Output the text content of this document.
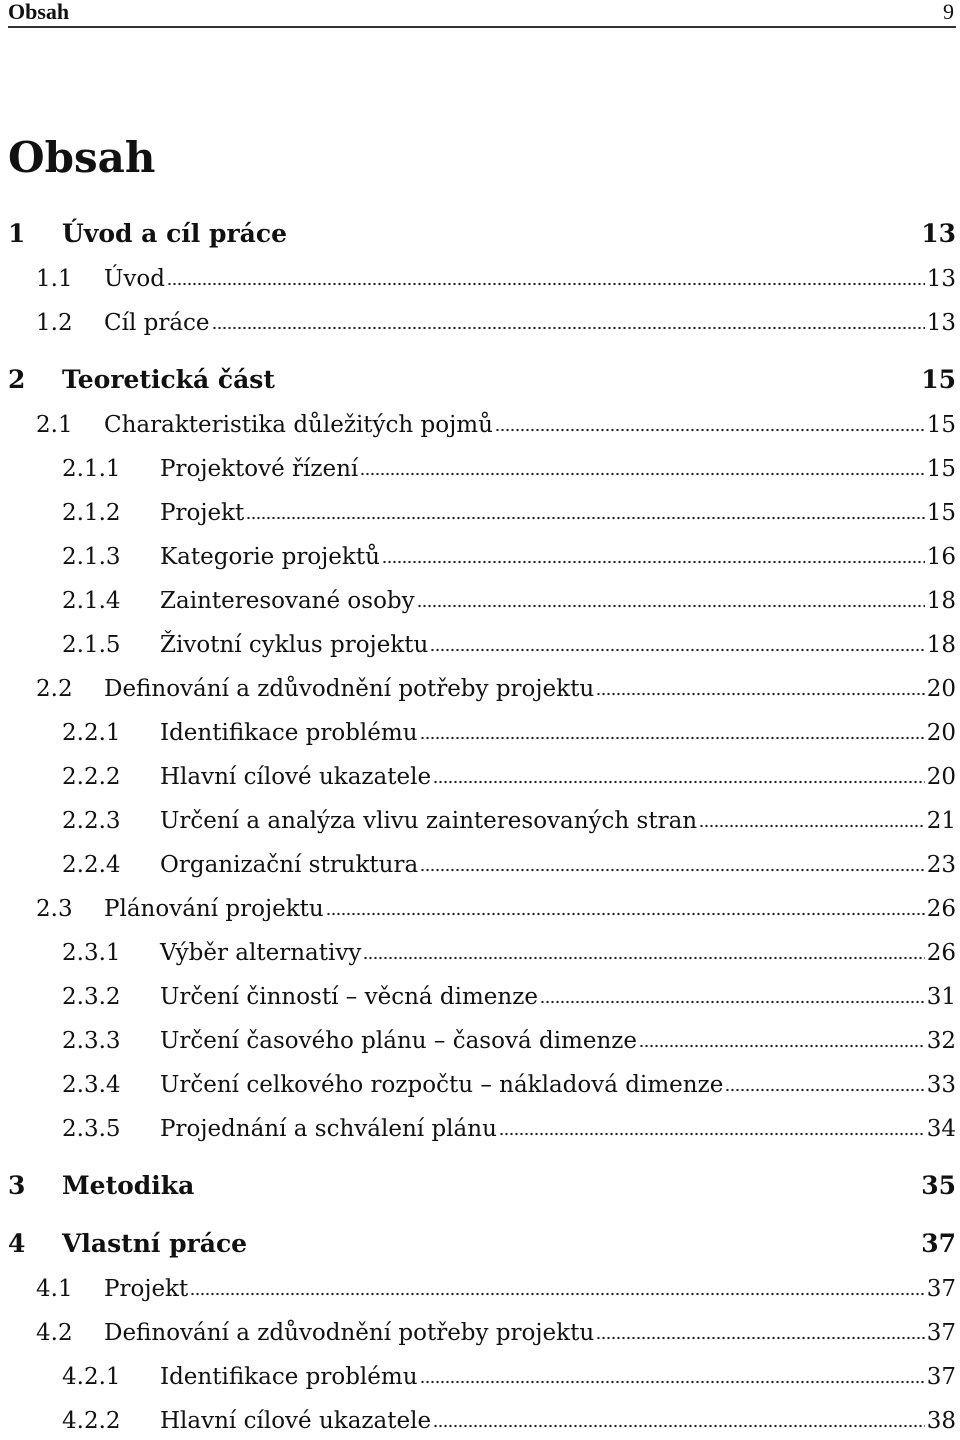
Obsah	9
Obsah
1	Úvod a cíl práce	13
1.1	Úvod	13
1.2	Cíl práce	13
2	Teoretická část	15
2.1	Charakteristika důležitých pojmů	15
2.1.1	Projektové řízení	15
2.1.2	Projekt	15
2.1.3	Kategorie projektů	16
2.1.4	Zainteresované osoby	18
2.1.5	Životní cyklus projektu	18
2.2	Definování a zdůvodnění potřeby projektu	20
2.2.1	Identifikace problému	20
2.2.2	Hlavní cílové ukazatele	20
2.2.3	Určení a analýza vlivu zainteresovaných stran	21
2.2.4	Organizační struktura	23
2.3	Plánování projektu	26
2.3.1	Výběr alternativy	26
2.3.2	Určení činností – věcná dimenze	31
2.3.3	Určení časového plánu – časová dimenze	32
2.3.4	Určení celkového rozpočtu – nákladová dimenze	33
2.3.5	Projednání a schválení plánu	34
3	Metodika	35
4	Vlastní práce	37
4.1	Projekt	37
4.2	Definování a zdůvodnění potřeby projektu	37
4.2.1	Identifikace problému	37
4.2.2	Hlavní cílové ukazatele	38
